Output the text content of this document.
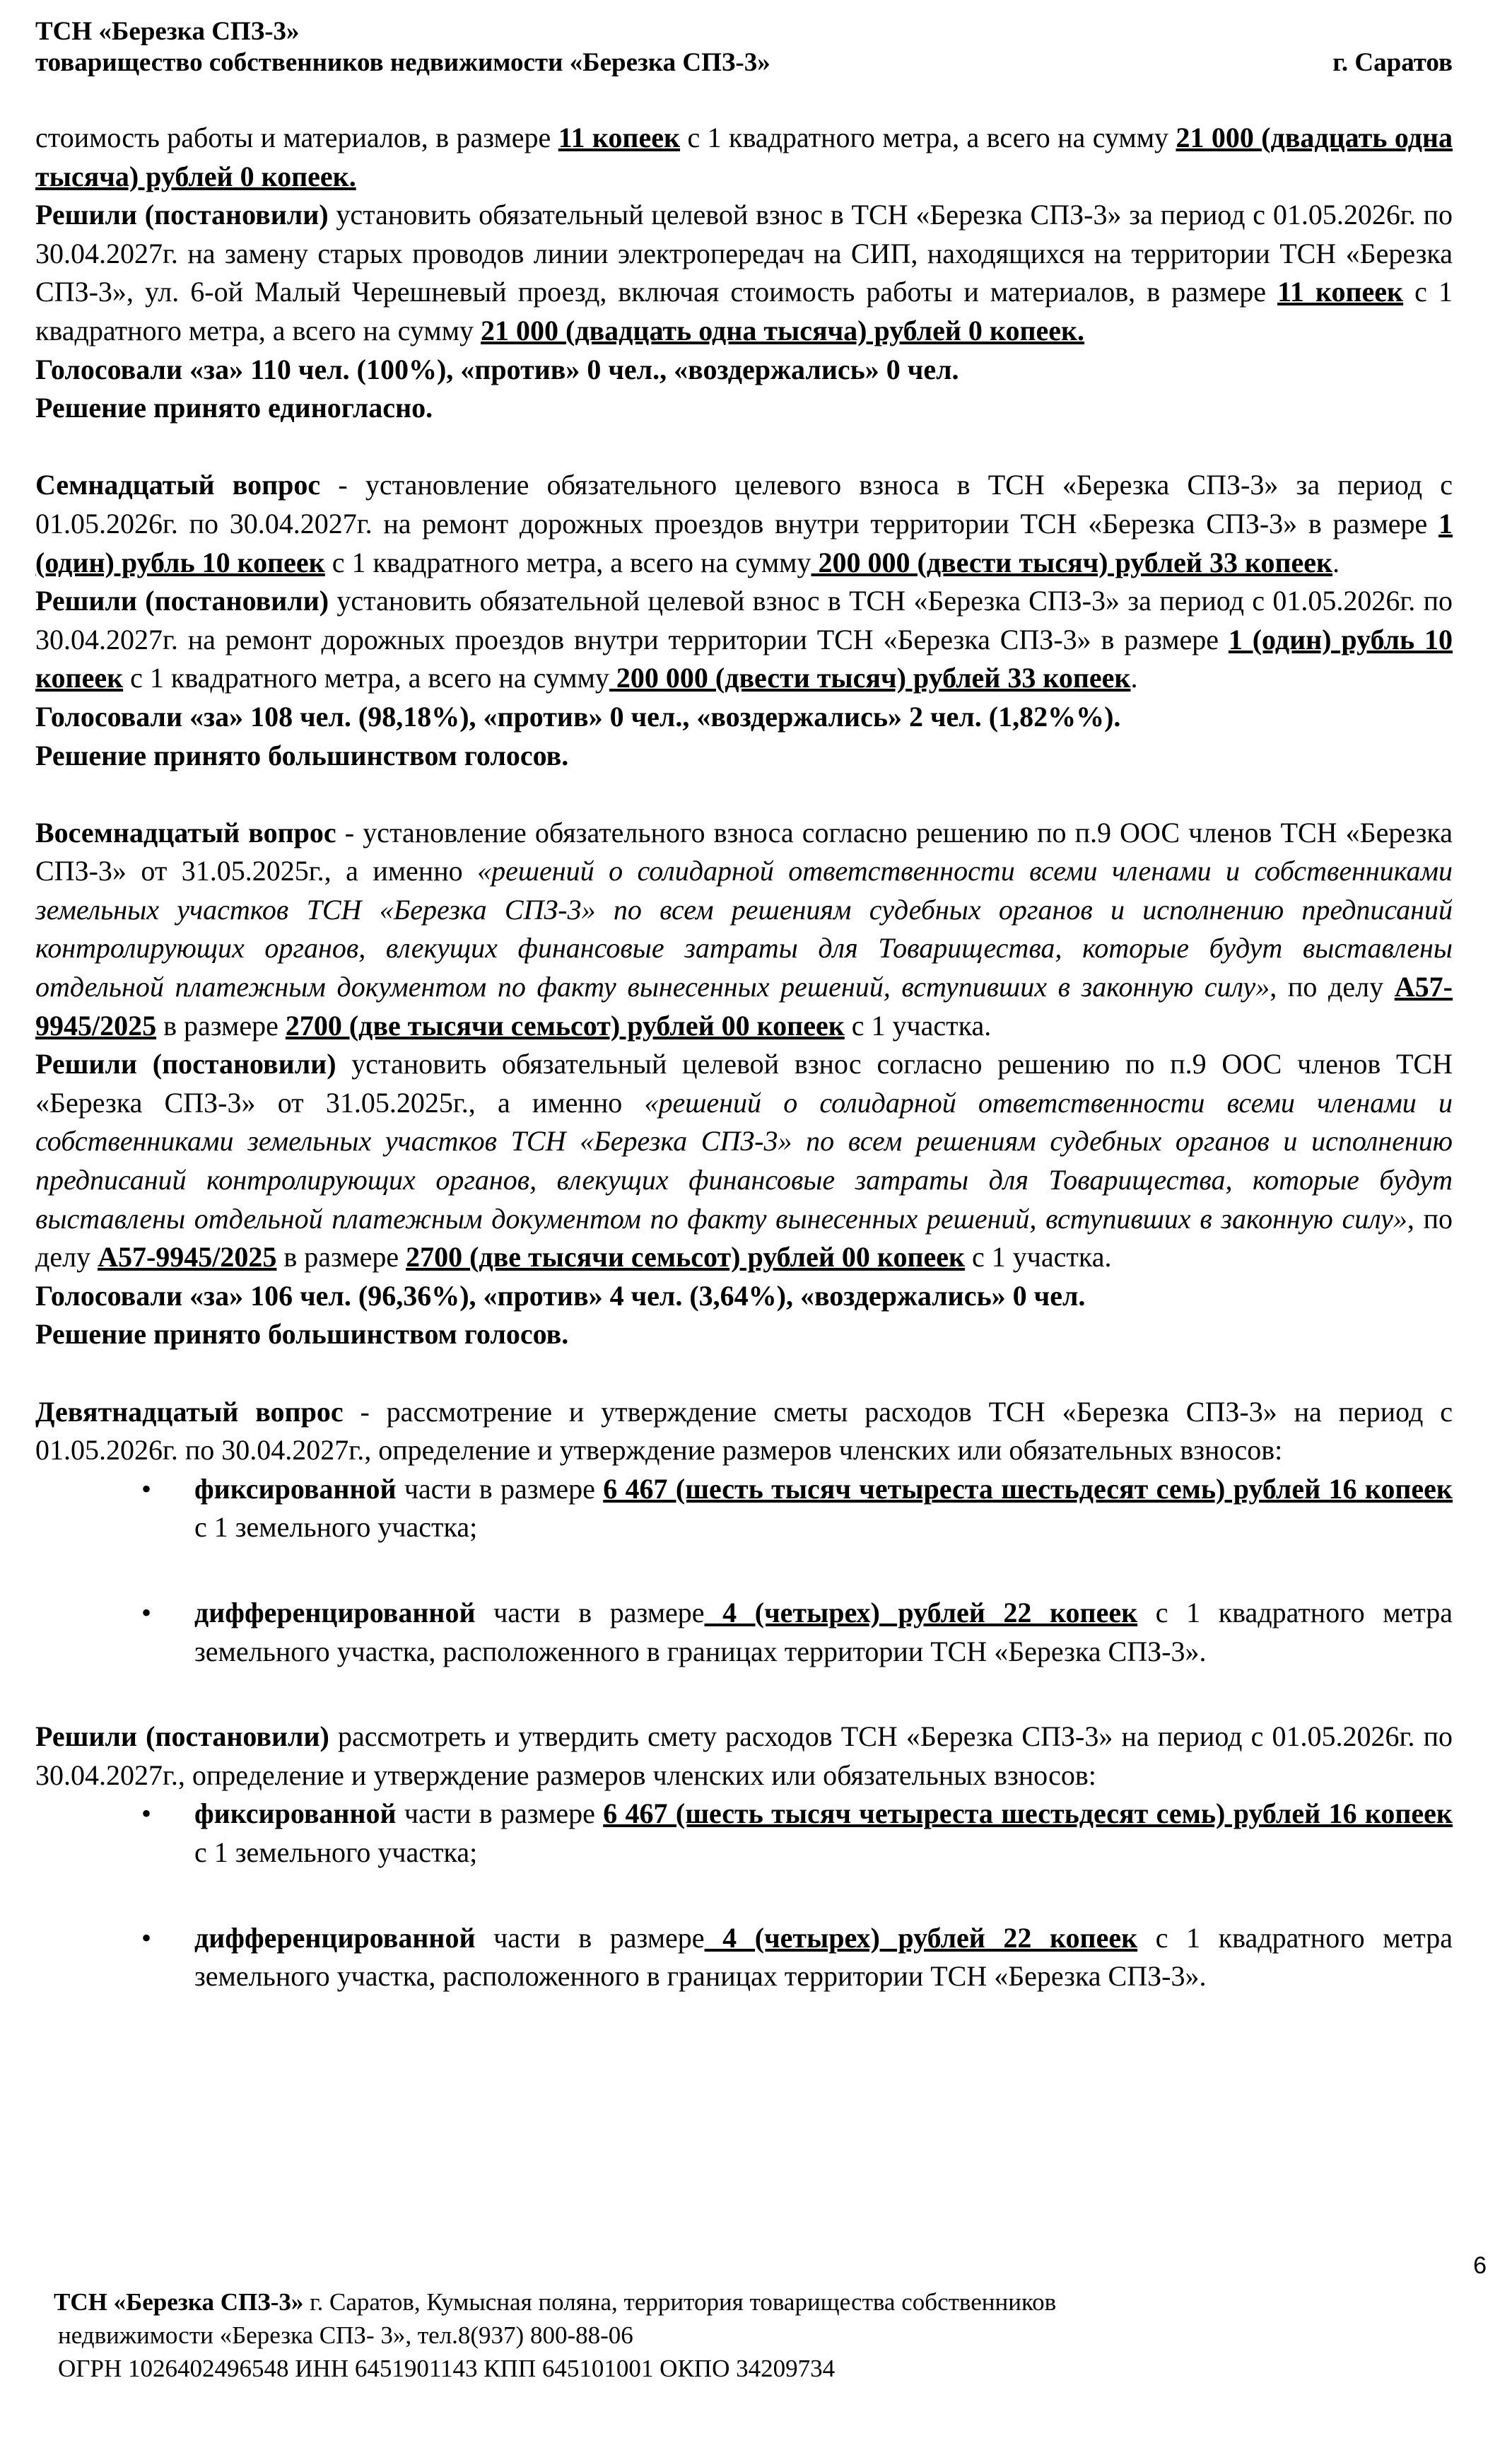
ТСН «Березка СПЗ-3»
товарищество собственников недвижимости «Березка СПЗ-3»	г. Саратов

стоимость работы и материалов, в размере 11 копеек с 1 квадратного метра, а всего на сумму 21 000 (двадцать одна тысяча) рублей 0 копеек.

Решили (постановили) установить обязательный целевой взнос в ТСН «Березка СПЗ-3» за период с 01.05.2026г. по 30.04.2027г. на замену старых проводов линии электропередач на СИП, находящихся на территории ТСН «Березка СПЗ-3», ул. 6-ой Малый Черешневый проезд, включая стоимость работы и материалов, в размере 11 копеек с 1 квадратного метра, а всего на сумму 21 000 (двадцать одна тысяча) рублей 0 копеек.

Голосовали «за» 110 чел. (100%), «против» 0 чел., «воздержались» 0 чел.

Решение принято единогласно.

Семнадцатый вопрос - установление обязательного целевого взноса в ТСН «Березка СПЗ-3» за период с 01.05.2026г. по 30.04.2027г. на ремонт дорожных проездов внутри территории ТСН «Березка СПЗ-3» в размере 1 (один) рубль 10 копеек с 1 квадратного метра, а всего на сумму 200 000 (двести тысяч) рублей 33 копеек.

Решили (постановили) установить обязательной целевой взнос в ТСН «Березка СПЗ-3» за период с 01.05.2026г. по 30.04.2027г. на ремонт дорожных проездов внутри территории ТСН «Березка СПЗ-3» в размере 1 (один) рубль 10 копеек с 1 квадратного метра, а всего на сумму 200 000 (двести тысяч) рублей 33 копеек.

Голосовали «за» 108 чел. (98,18%), «против» 0 чел., «воздержались» 2 чел. (1,82%%).

Решение принято большинством голосов.

Восемнадцатый вопрос - установление обязательного взноса согласно решению по п.9 ООС членов ТСН «Березка СПЗ-3» от 31.05.2025г., а именно «решений о солидарной ответственности всеми членами и собственниками земельных участков ТСН «Березка СПЗ-3» по всем решениям судебных органов и исполнению предписаний контролирующих органов, влекущих финансовые затраты для Товарищества, которые будут выставлены отдельной платежным документом по факту вынесенных решений, вступивших в законную силу», по делу А57-9945/2025 в размере 2700 (две тысячи семьсот) рублей 00 копеек с 1 участка.

Решили (постановили) установить обязательный целевой взнос согласно решению по п.9 ООС членов ТСН «Березка СПЗ-3» от 31.05.2025г., а именно «решений о солидарной ответственности всеми членами и собственниками земельных участков ТСН «Березка СПЗ-3» по всем решениям судебных органов и исполнению предписаний контролирующих органов, влекущих финансовые затраты для Товарищества, которые будут выставлены отдельной платежным документом по факту вынесенных решений, вступивших в законную силу», по делу А57-9945/2025 в размере 2700 (две тысячи семьсот) рублей 00 копеек с 1 участка.

Голосовали «за» 106 чел. (96,36%), «против» 4 чел. (3,64%), «воздержались» 0 чел.

Решение принято большинством голосов.

Девятнадцатый вопрос - рассмотрение и утверждение сметы расходов ТСН «Березка СПЗ-3» на период с 01.05.2026г. по 30.04.2027г., определение и утверждение размеров членских или обязательных взносов:

• фиксированной части в размере 6 467 (шесть тысяч четыреста шестьдесят семь) рублей 16 копеек с 1 земельного участка;
• дифференцированной части в размере 4 (четырех) рублей 22 копеек с 1 квадратного метра земельного участка, расположенного в границах территории ТСН «Березка СПЗ-3».

Решили (постановили) рассмотреть и утвердить смету расходов ТСН «Березка СПЗ-3» на период с 01.05.2026г. по 30.04.2027г., определение и утверждение размеров членских или обязательных взносов:

• фиксированной части в размере 6 467 (шесть тысяч четыреста шестьдесят семь) рублей 16 копеек с 1 земельного участка;
• дифференцированной части в размере 4 (четырех) рублей 22 копеек с 1 квадратного метра земельного участка, расположенного в границах территории ТСН «Березка СПЗ-3».
6

ТСН «Березка СПЗ-3» г. Саратов, Кумысная поляна, территория товарищества собственников

недвижимости «Березка СПЗ- 3», тел.8(937) 800-88-06

ОГРН 1026402496548 ИНН 6451901143 КПП 645101001 ОКПО 34209734
